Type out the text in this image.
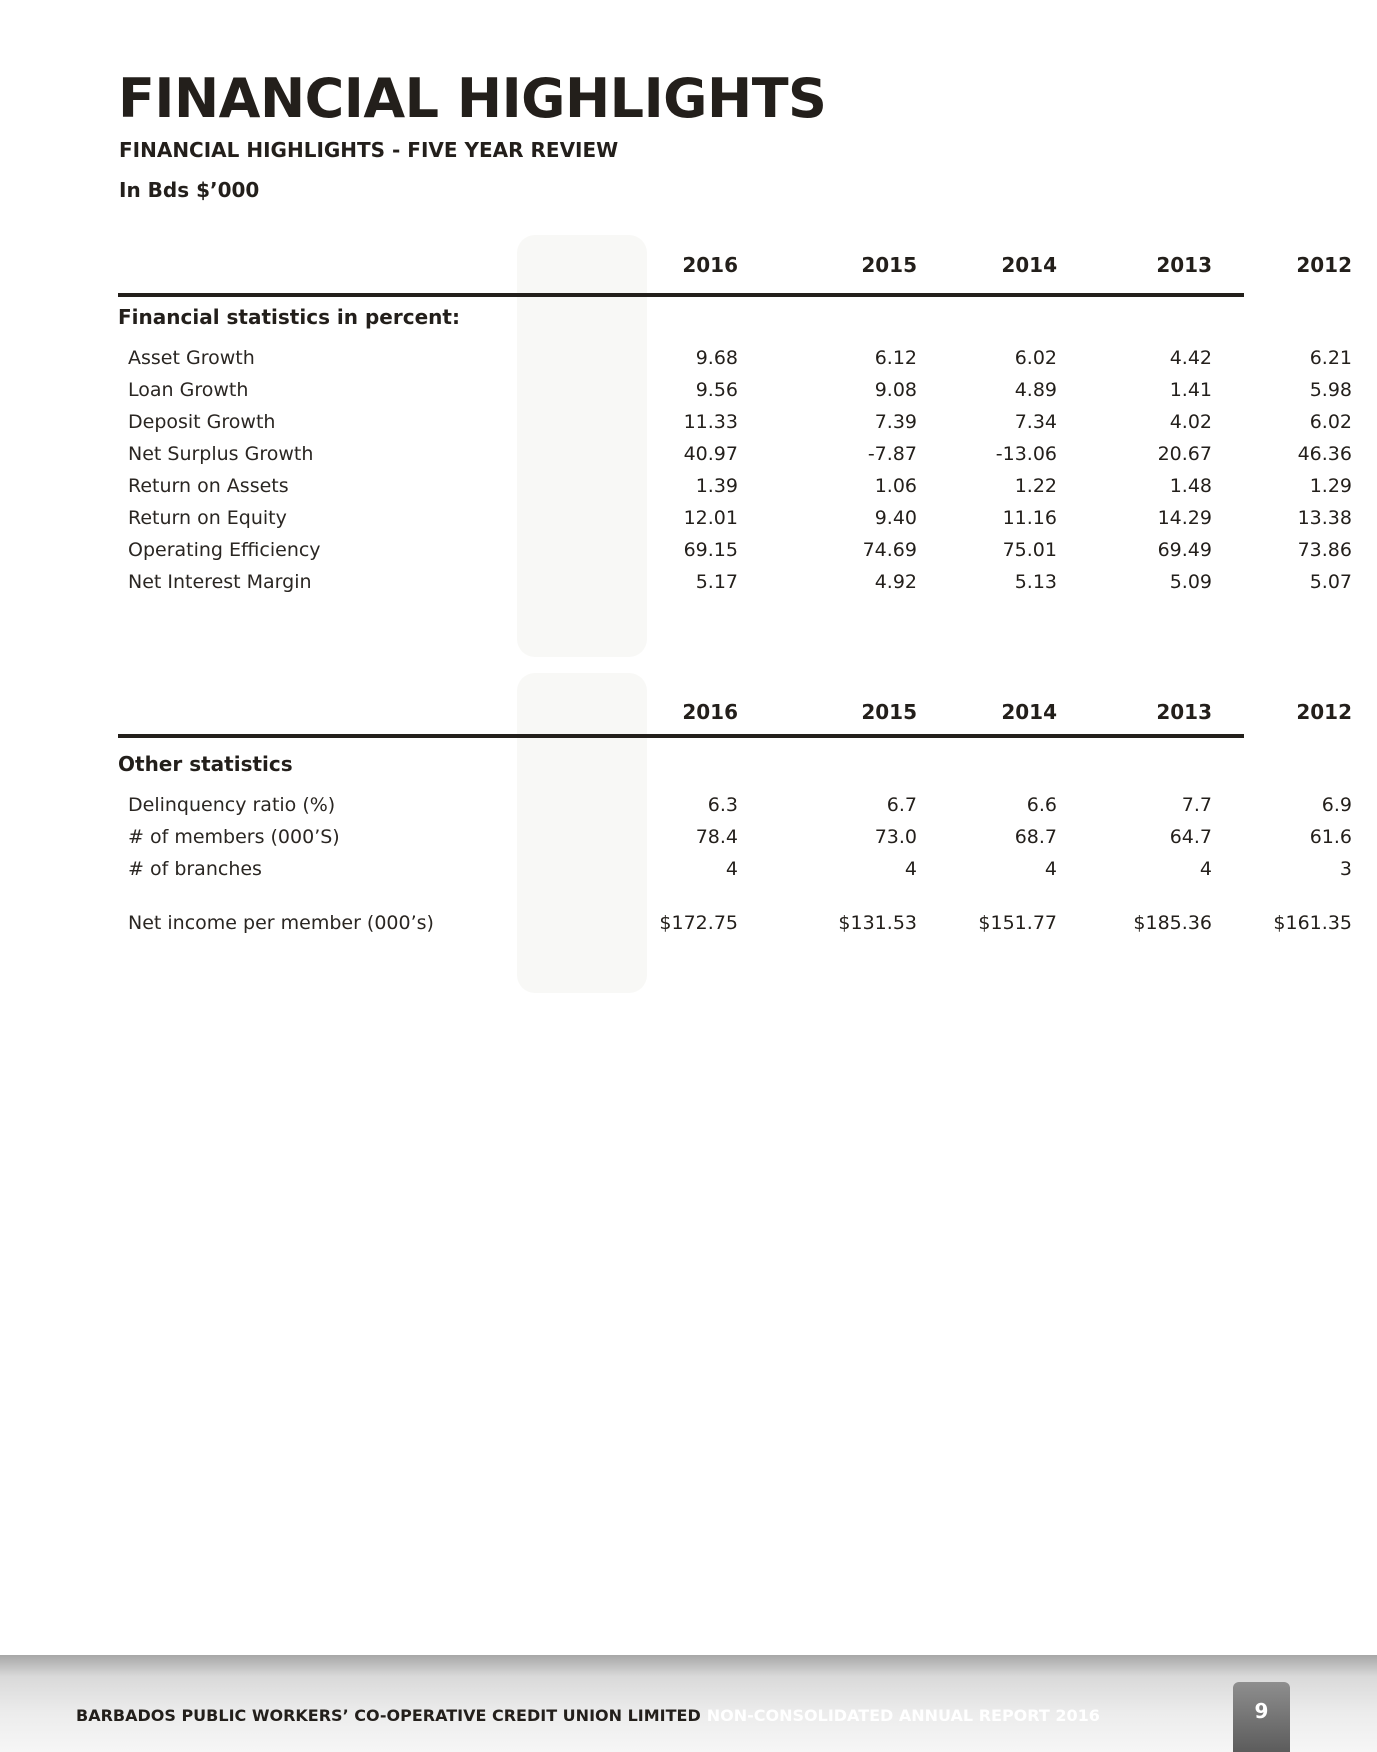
FINANCIAL HIGHLIGHTS
FINANCIAL HIGHLIGHTS - FIVE YEAR REVIEW
In Bds $’000
2016	2015	2014	2013	2012
Financial statistics in percent:
Asset Growth	9.68	6.12	6.02	4.42	6.21
Loan Growth	9.56	9.08	4.89	1.41	5.98
Deposit Growth	11.33	7.39	7.34	4.02	6.02
Net Surplus Growth	40.97	-7.87	-13.06	20.67	46.36
Return on Assets	1.39	1.06	1.22	1.48	1.29
Return on Equity	12.01	9.40	11.16	14.29	13.38
Operating Efficiency	69.15	74.69	75.01	69.49	73.86
Net Interest Margin	5.17	4.92	5.13	5.09	5.07
2016	2015	2014	2013	2012
Other statistics
Delinquency ratio (%)	6.3	6.7	6.6	7.7	6.9
# of members (000’S)	78.4	73.0	68.7	64.7	61.6
# of branches	4	4	4	4	3
Net income per member (000’s)	$172.75	$131.53	$151.77	$185.36	$161.35
BARBADOS PUBLIC WORKERS’ CO-OPERATIVE CREDIT UNION LIMITED NON-CONSOLIDATED ANNUAL REPORT 2016	9
